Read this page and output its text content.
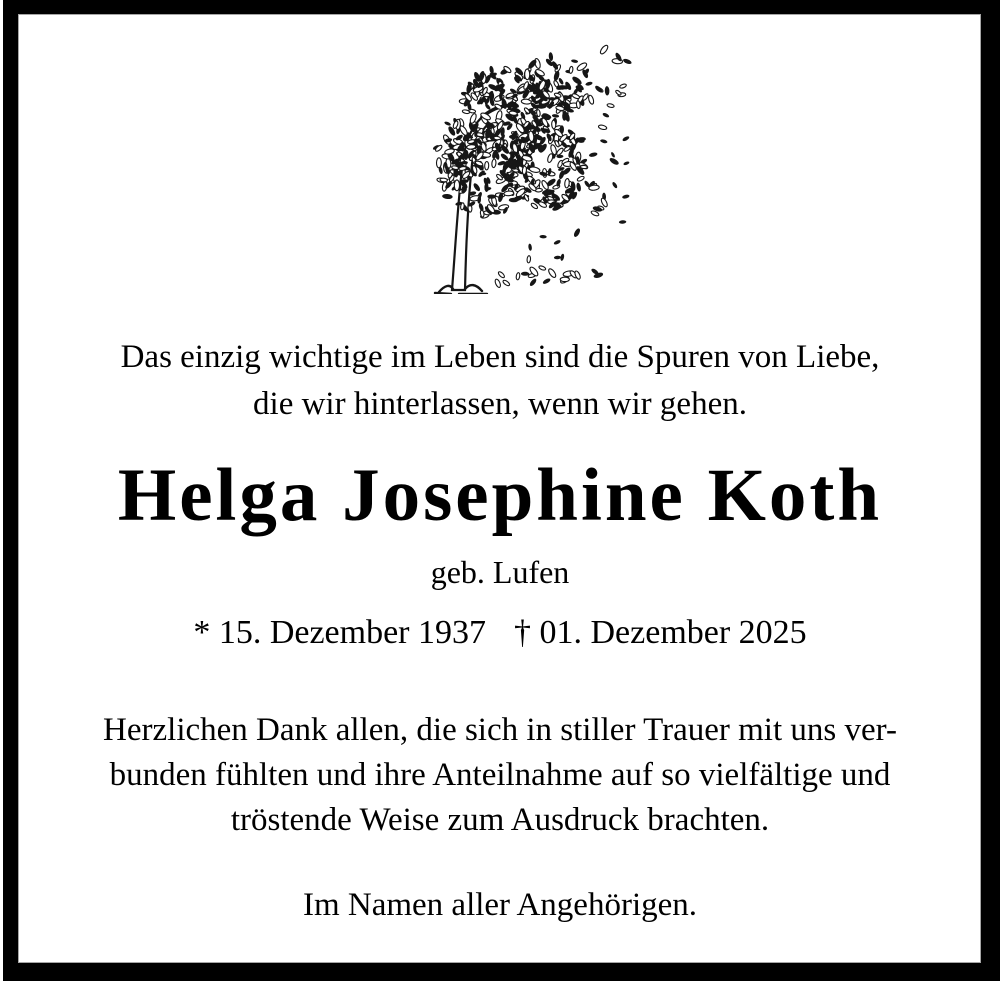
Das einzig wichtige im Leben sind die Spuren von Liebe,
die wir hinterlassen, wenn wir gehen.
Helga Josephine Koth
geb. Lufen
* 15. Dezember 1937 † 01. Dezember 2025
Herzlichen Dank allen, die sich in stiller Trauer mit uns ver-
bunden fühlten und ihre Anteilnahme auf so vielfältige und
tröstende Weise zum Ausdruck brachten.
Im Namen aller Angehörigen.
